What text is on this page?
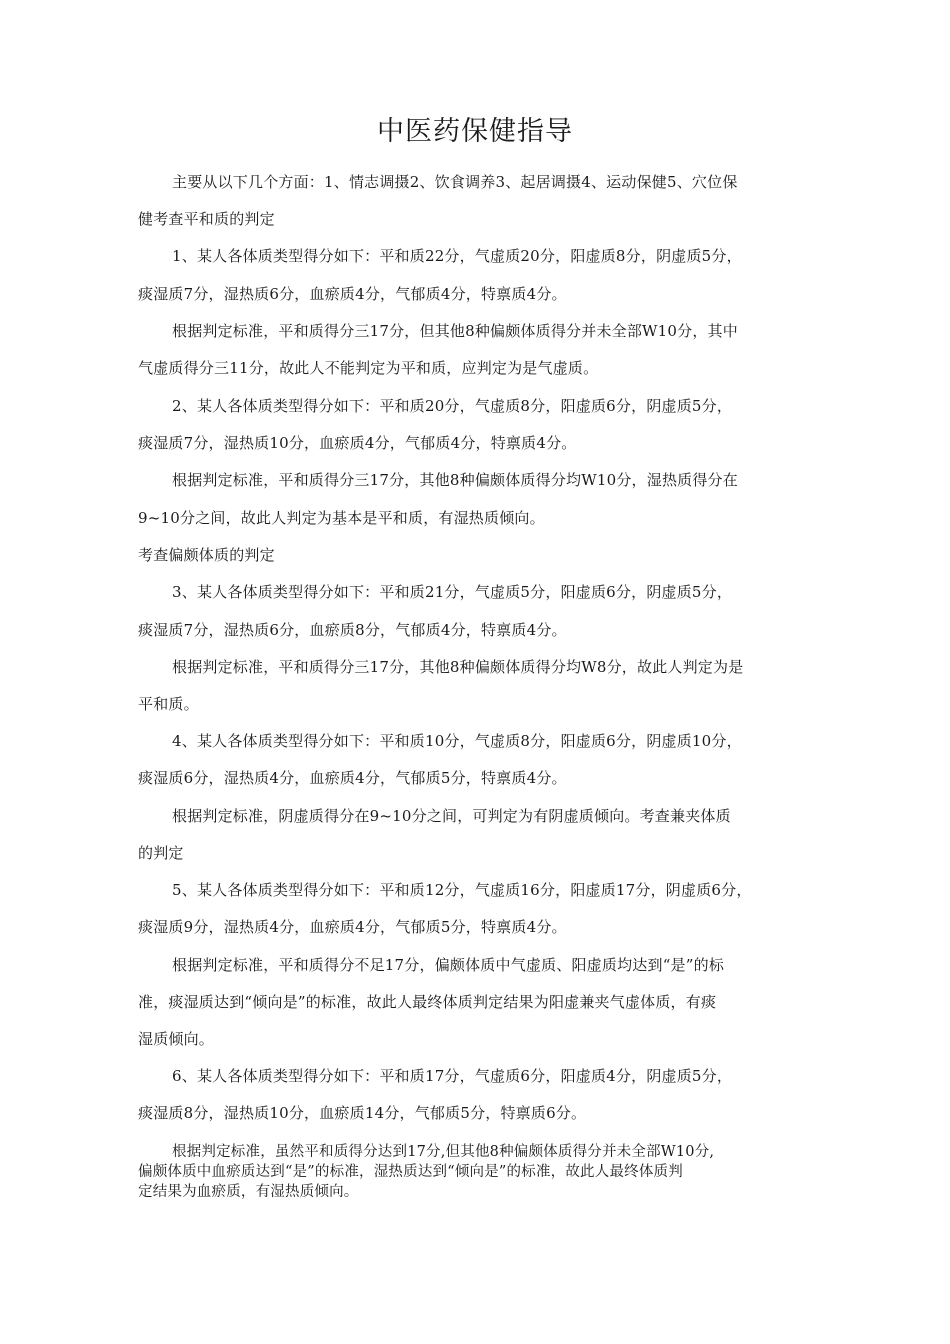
中医药保健指导
主要从以下几个方面：1、情志调摄2、饮食调养3、起居调摄4、运动保健5、穴位保
健考查平和质的判定
1、某人各体质类型得分如下：平和质22分，气虚质20分，阳虚质8分，阴虚质5分，
痰湿质7分，湿热质6分，血瘀质4分，气郁质4分，特禀质4分。
根据判定标准，平和质得分三17分，但其他8种偏颇体质得分并未全部W10分，其中
气虚质得分三11分，故此人不能判定为平和质，应判定为是气虚质。
2、某人各体质类型得分如下：平和质20分，气虚质8分，阳虚质6分，阴虚质5分，
痰湿质7分，湿热质10分，血瘀质4分，气郁质4分，特禀质4分。
根据判定标准，平和质得分三17分，其他8种偏颇体质得分均W10分，湿热质得分在
9~10分之间，故此人判定为基本是平和质，有湿热质倾向。
考查偏颇体质的判定
3、某人各体质类型得分如下：平和质21分，气虚质5分，阳虚质6分，阴虚质5分，
痰湿质7分，湿热质6分，血瘀质8分，气郁质4分，特禀质4分。
根据判定标准，平和质得分三17分，其他8种偏颇体质得分均W8分，故此人判定为是
平和质。
4、某人各体质类型得分如下：平和质10分，气虚质8分，阳虚质6分，阴虚质10分，
痰湿质6分，湿热质4分，血瘀质4分，气郁质5分，特禀质4分。
根据判定标准，阴虚质得分在9~10分之间，可判定为有阴虚质倾向。考查兼夹体质
的判定
5、某人各体质类型得分如下：平和质12分，气虚质16分，阳虚质17分，阴虚质6分，
痰湿质9分，湿热质4分，血瘀质4分，气郁质5分，特禀质4分。
根据判定标准，平和质得分不足17分，偏颇体质中气虚质、阳虚质均达到“是”的标
准，痰湿质达到“倾向是”的标准，故此人最终体质判定结果为阳虚兼夹气虚体质，有痰
湿质倾向。
6、某人各体质类型得分如下：平和质17分，气虚质6分，阳虚质4分，阴虚质5分，
痰湿质8分，湿热质10分，血瘀质14分，气郁质5分，特禀质6分。
根据判定标准，虽然平和质得分达到17分,但其他8种偏颇体质得分并未全部W10分,
偏颇体质中血瘀质达到“是”的标准，湿热质达到“倾向是”的标准，故此人最终体质判
定结果为血瘀质，有湿热质倾向。
